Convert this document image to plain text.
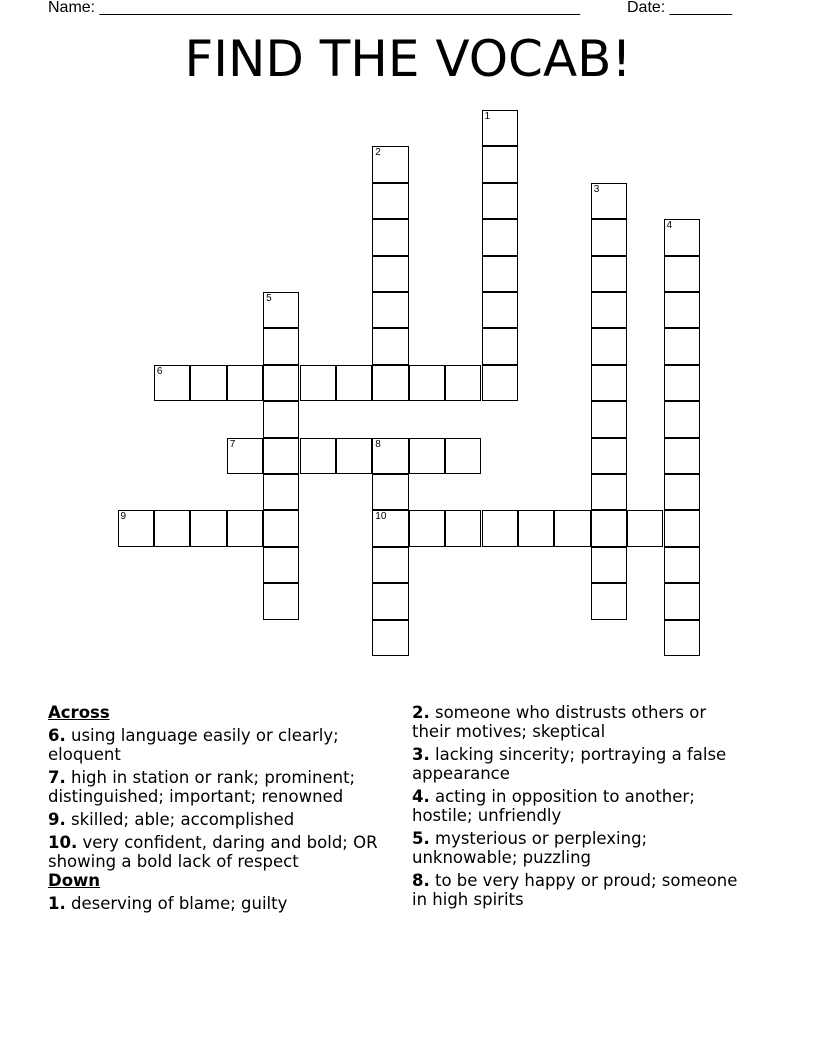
Name: ______________________________________________________	Date: _______
FIND THE VOCAB!
1
2
3
4
5
6
7	8
10
9
Across
6. using language easily or clearly; eloquent
7. high in station or rank; prominent; distinguished; important; renowned
9. skilled; able; accomplished
10. very confident, daring and bold; OR showing a bold lack of respect
Down
1. deserving of blame; guilty
2. someone who distrusts others or their motives; skeptical
3. lacking sincerity; portraying a false appearance
4. acting in opposition to another; hostile; unfriendly
5. mysterious or perplexing; unknowable; puzzling
8. to be very happy or proud; someone in high spirits
